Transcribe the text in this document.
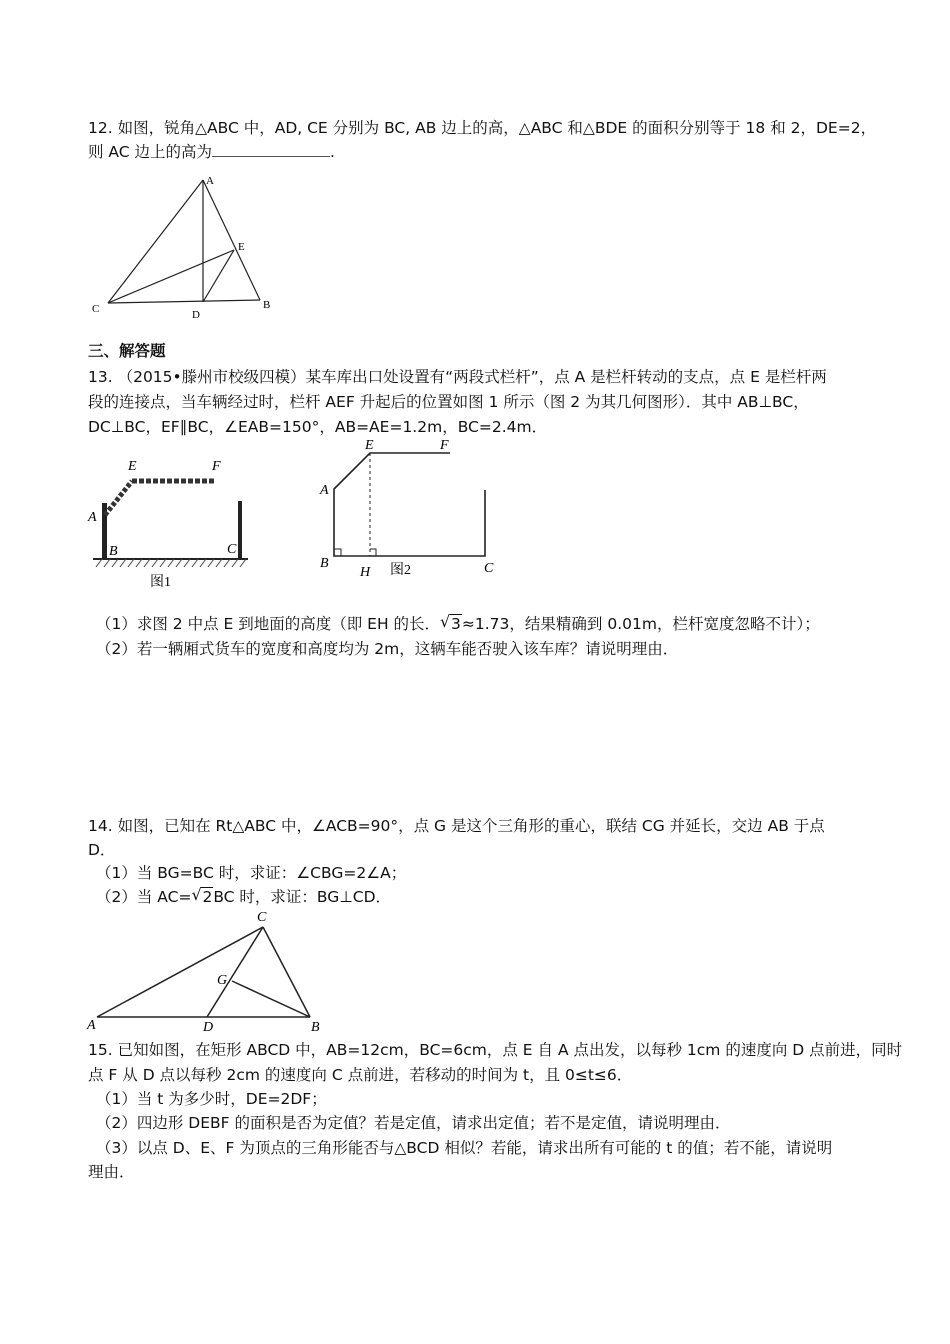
12. 如图，锐角△ABC 中，AD, CE 分别为 BC, AB 边上的高，△ABC 和△BDE 的面积分别等于 18 和 2，DE=2，
则 AC 边上的高为	.
A
E
C	D
B
三、解答题
13. （2015•滕州市校级四模）某车库出口处设置有“两段式栏杆”，点 A 是栏杆转动的支点，点 E 是栏杆两
段的连接点，当车辆经过时，栏杆 AEF 升起后的位置如图 1 所示（图 2 为其几何图形）．其中 AB⊥BC，
DC⊥BC，EF∥BC，∠EAB=150°，AB=AE=1.2m，BC=2.4m．
E	F
A
B	C
图1
E	F
A
B
H 图2	C
（1）求图 2 中点 E 到地面的高度（即 EH 的长． √ 3≈1.73，结果精确到 0.01m，栏杆宽度忽略不计）；
（2）若一辆厢式货车的宽度和高度均为 2m，这辆车能否驶入该车库？请说明理由．
14. 如图，已知在 Rt△ABC 中，∠ACB=90°，点 G 是这个三角形的重心，联结 CG 并延长，交边 AB 于点
D．
（1）当 BG=BC 时，求证：∠CBG=2∠A；
（2）当 AC= √ 2BC 时，求证：BG⊥CD．
C
G
A	D	B
15. 已知如图，在矩形 ABCD 中，AB=12cm，BC=6cm，点 E 自 A 点出发，以每秒 1cm 的速度向 D 点前进，同时
点 F 从 D 点以每秒 2cm 的速度向 C 点前进，若移动的时间为 t，且 0≤t≤6．
（1）当 t 为多少时，DE=2DF；
（2）四边形 DEBF 的面积是否为定值？若是定值，请求出定值；若不是定值，请说明理由．
（3）以点 D、E、F 为顶点的三角形能否与△BCD 相似？若能，请求出所有可能的 t 的值；若不能，请说明
理由．
